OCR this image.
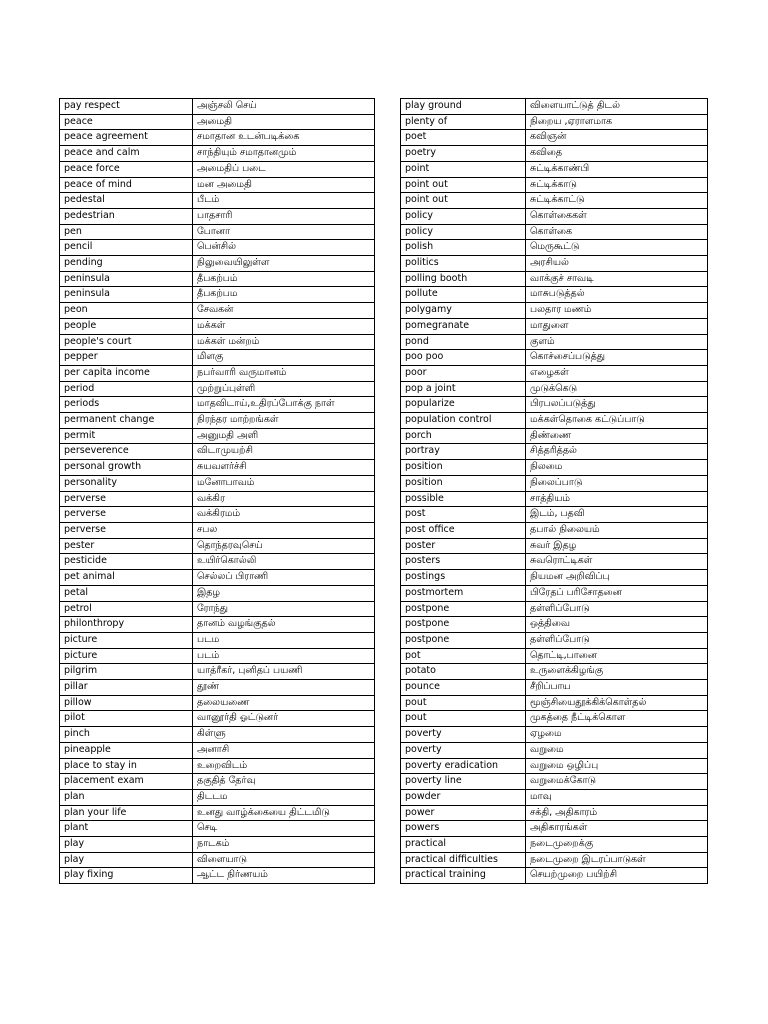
pay respect	அஞ்சலி செய்
peace	அமைதி
peace agreement	சமாதான உடன்படிக்கை
peace and calm	சாந்தியும் சமாதானமும்
peace force	அமைதிப் படை
peace of mind	மன அமைதி
pedestal	பீடம்
pedestrian	பாதசாரி
pen	போனா
pencil	பென்சில்
pending	நிலுவையிலுள்ள
peninsula	தீபகற்பம்
peninsula	தீபகற்பம
peon	சேவகன்
people	மக்கள்
people's court	மக்கள் மன்றம்
pepper	மிளகு
per capita income	நபர்வாரி வருமானம்
period	முற்றுப்புள்ளி
periods	மாதவிடாய்,உதிரப்போக்கு நாள்
permanent change	நிரந்தர மாற்றங்கள்
permit	அனுமதி அளி
perseverence	விடாமுயற்சி
personal growth	சுயவளர்ச்சி
personality	மனோபாவம்
perverse	வக்கிர
perverse	வக்கிரமம்
perverse	சபல
pester	தொந்தரவுசெய்
pesticide	உயிர்கொல்லி
pet animal	செல்லப் பிராணி
petal	இதழ
petrol	ரோந்து
philonthropy	தானம் வழங்குதல்
picture	படம
picture	படம்
pilgrim	யாத்ரீகர், புனிதப் பயணி
pillar	தூண்
pillow	தலையணை
pilot	வானூர்தி ஓட்டுனர்
pinch	கிள்ளு
pineapple	அனாசி
place to stay in	உறைவிடம்
placement exam	தகுதித் தேர்வு
plan	திடடம
plan your life	உனது வாழ்க்கையை திட்டமிடு
plant	செடி
play	நாடகம்
play	விளையாடு
play fixing	ஆட்ட நிர்ணயம்
play ground	விளையாட்டுத் திடல்
plenty of	நிறைய ,ஏராளமாக
poet	கவிஞன்
poetry	கவிதை
point	சுட்டிக்காண்பி
point out	சுட்டிக்காடு
point out	சுட்டிக்காட்டு
policy	கொள்கைகள்
policy	கொள்கை
polish	மெருகூட்டு
politics	அரசியல்
polling booth	வாக்குச் சாவடி
pollute	மாசுபடுத்தல்
polygamy	பலதார மணம்
pomegranate	மாதுளை
pond	குளம்
poo poo	கொச்சைப்படுத்து
poor	எழைகள்
pop a joint	முடுக்கெடு
popularize	பிரபலப்படுத்து
population control	மக்கள்தொகை கட்டுப்பாடு
porch	திண்ணை
portray	சித்தரித்தல்
position	நிலமை
position	நிலைப்பாடு
possible	சாத்தியம்
post	இடம், பதவி
post office	தபால் நிலையம்
poster	சுவர் இதழ
posters	சுவரொட்டிகள்
postings	நியமன அறிவிப்பு
postmortem	பிரேதப் பரிசோதனை
postpone	தள்ளிப்போடு
postpone	ஒத்திவை
postpone	தள்ளிப்போடு
pot	தொட்டி,பானை
potato	உருளைக்கிழங்கு
pounce	சீறிப்பாய
pout	மூஞ்சியைதூக்கிக்கொள்தல்
pout	முகத்தை நீட்டிக்கொள
poverty	ஏழமை
poverty	வறுமை
poverty eradication	வறுமை ஒழிப்பு
poverty line	வறுமைக்கோடு
powder	மாவு
power	சக்தி, அதிகாரம்
powers	அதிகாரங்கள்
practical	நடைமுறைக்கு
practical difficulties	நடைமுறை இடரப்பாடுகள்
practical training	செயற்முறை பயிற்சி
